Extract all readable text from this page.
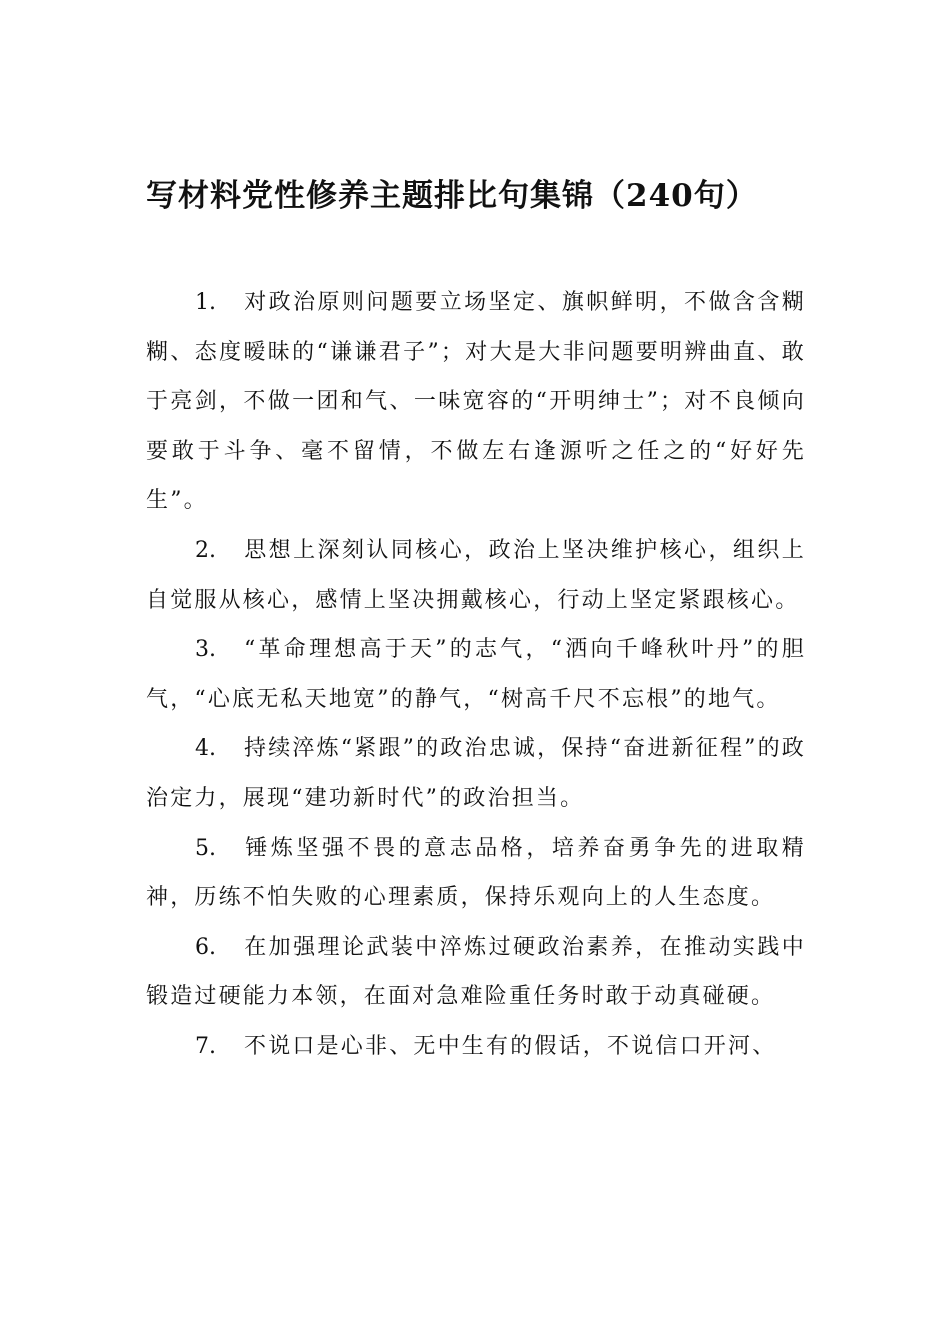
写材料党性修养主题排比句集锦（240句）

1. 对政治原则问题要立场坚定、旗帜鲜明，不做含含糊糊、态度暧昧的“谦谦君子”；对大是大非问题要明辨曲直、敢于亮剑，不做一团和气、一味宽容的“开明绅士”；对不良倾向要敢于斗争、毫不留情，不做左右逢源听之任之的“好好先生”。

2. 思想上深刻认同核心，政治上坚决维护核心，组织上自觉服从核心，感情上坚决拥戴核心，行动上坚定紧跟核心。

3. “革命理想高于天”的志气，“洒向千峰秋叶丹”的胆气，“心底无私天地宽”的静气，“树高千尺不忘根”的地气。

4. 持续淬炼“紧跟”的政治忠诚，保持“奋进新征程”的政治定力，展现“建功新时代”的政治担当。

5. 锤炼坚强不畏的意志品格，培养奋勇争先的进取精神，历练不怕失败的心理素质，保持乐观向上的人生态度。

6. 在加强理论武装中淬炼过硬政治素养，在推动实践中锻造过硬能力本领，在面对急难险重任务时敢于动真碰硬。

7. 不说口是心非、无中生有的假话，不说信口开河、
